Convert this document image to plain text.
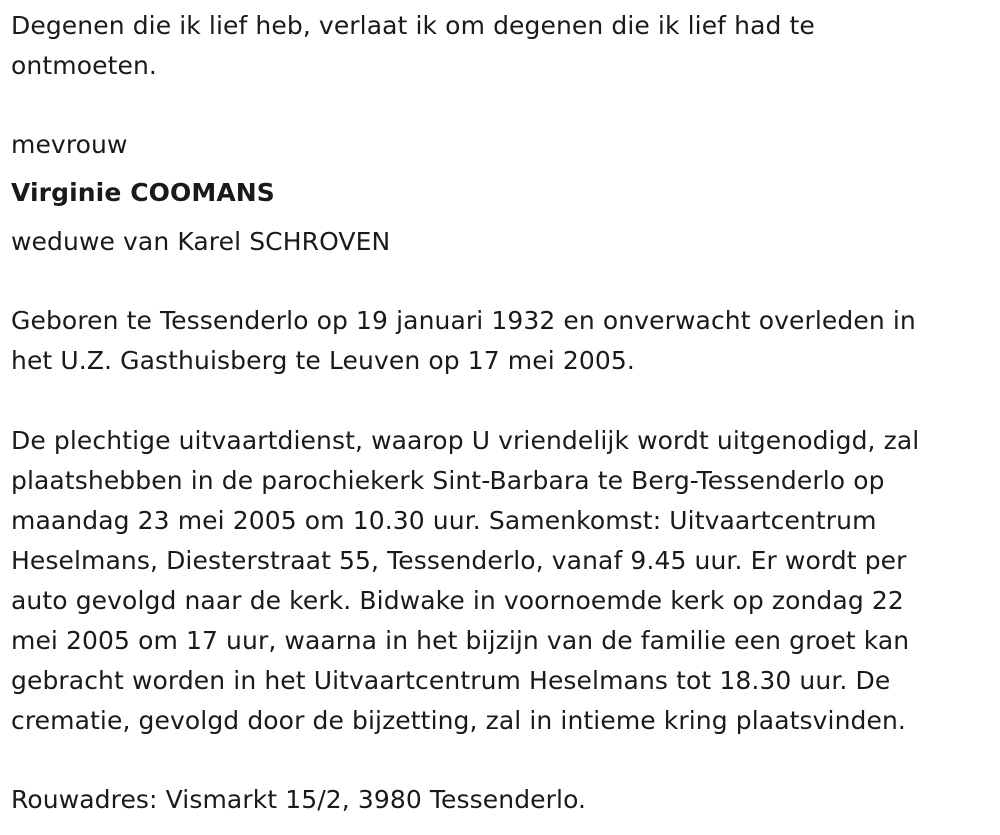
Degenen die ik lief heb, verlaat ik om degenen die ik lief had te
ontmoeten.

mevrouw

Virginie COOMANS

weduwe van Karel SCHROVEN

Geboren te Tessenderlo op 19 januari 1932 en onverwacht overleden in
het U.Z. Gasthuisberg te Leuven op 17 mei 2005.

De plechtige uitvaartdienst, waarop U vriendelijk wordt uitgenodigd, zal
plaatshebben in de parochiekerk Sint-Barbara te Berg-Tessenderlo op
maandag 23 mei 2005 om 10.30 uur. Samenkomst: Uitvaartcentrum
Heselmans, Diesterstraat 55, Tessenderlo, vanaf 9.45 uur. Er wordt per
auto gevolgd naar de kerk. Bidwake in voornoemde kerk op zondag 22
mei 2005 om 17 uur, waarna in het bijzijn van de familie een groet kan
gebracht worden in het Uitvaartcentrum Heselmans tot 18.30 uur. De
crematie, gevolgd door de bijzetting, zal in intieme kring plaatsvinden.

Rouwadres: Vismarkt 15/2, 3980 Tessenderlo.
